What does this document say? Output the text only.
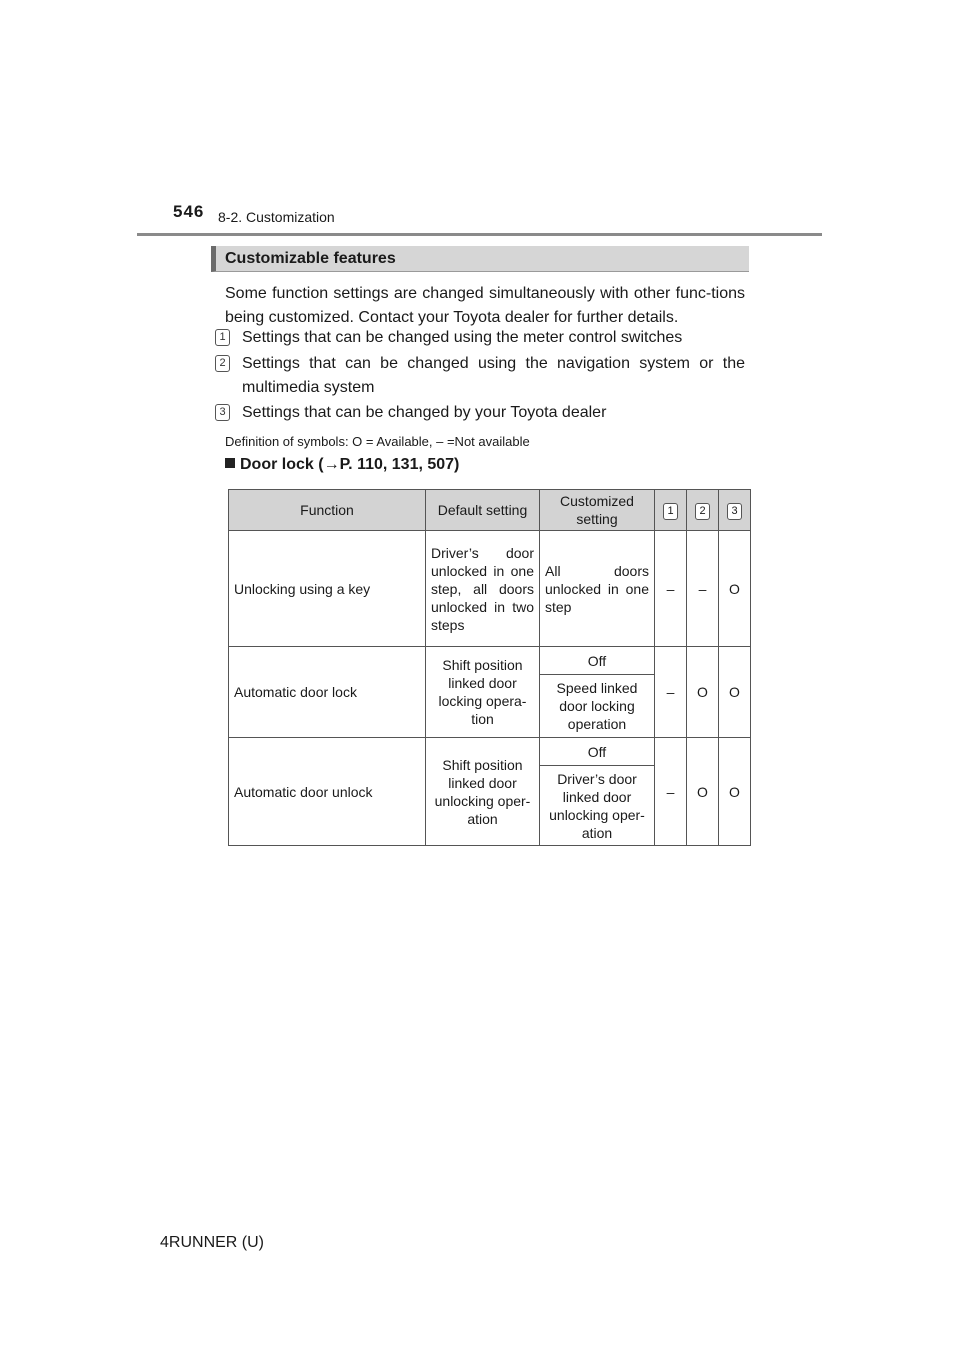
546 8-2. Customization
Customizable features

Some function settings are changed simultaneously with other func-tions being customized. Contact your Toyota dealer for further details.

1 Settings that can be changed using the meter control switches
2 Settings that can be changed using the navigation system or the multimedia system
3 Settings that can be changed by your Toyota dealer
Definition of symbols: O = Available, – =Not available
Door lock (→P. 110, 131, 507)
Function	Default setting	Customized setting	1	2	3
Unlocking using a key	Driver’s door unlocked in one step, all doors unlocked in two steps	All doors unlocked in one step	–	–	O
Automatic door lock	Shift position linked door locking opera-tion	Off	–	O	O
		Speed linked door locking operation			
Automatic door unlock	Shift position linked door unlocking oper-ation	Off	–	O	O
		Driver’s door linked door unlocking oper-ation			
4RUNNER (U)
